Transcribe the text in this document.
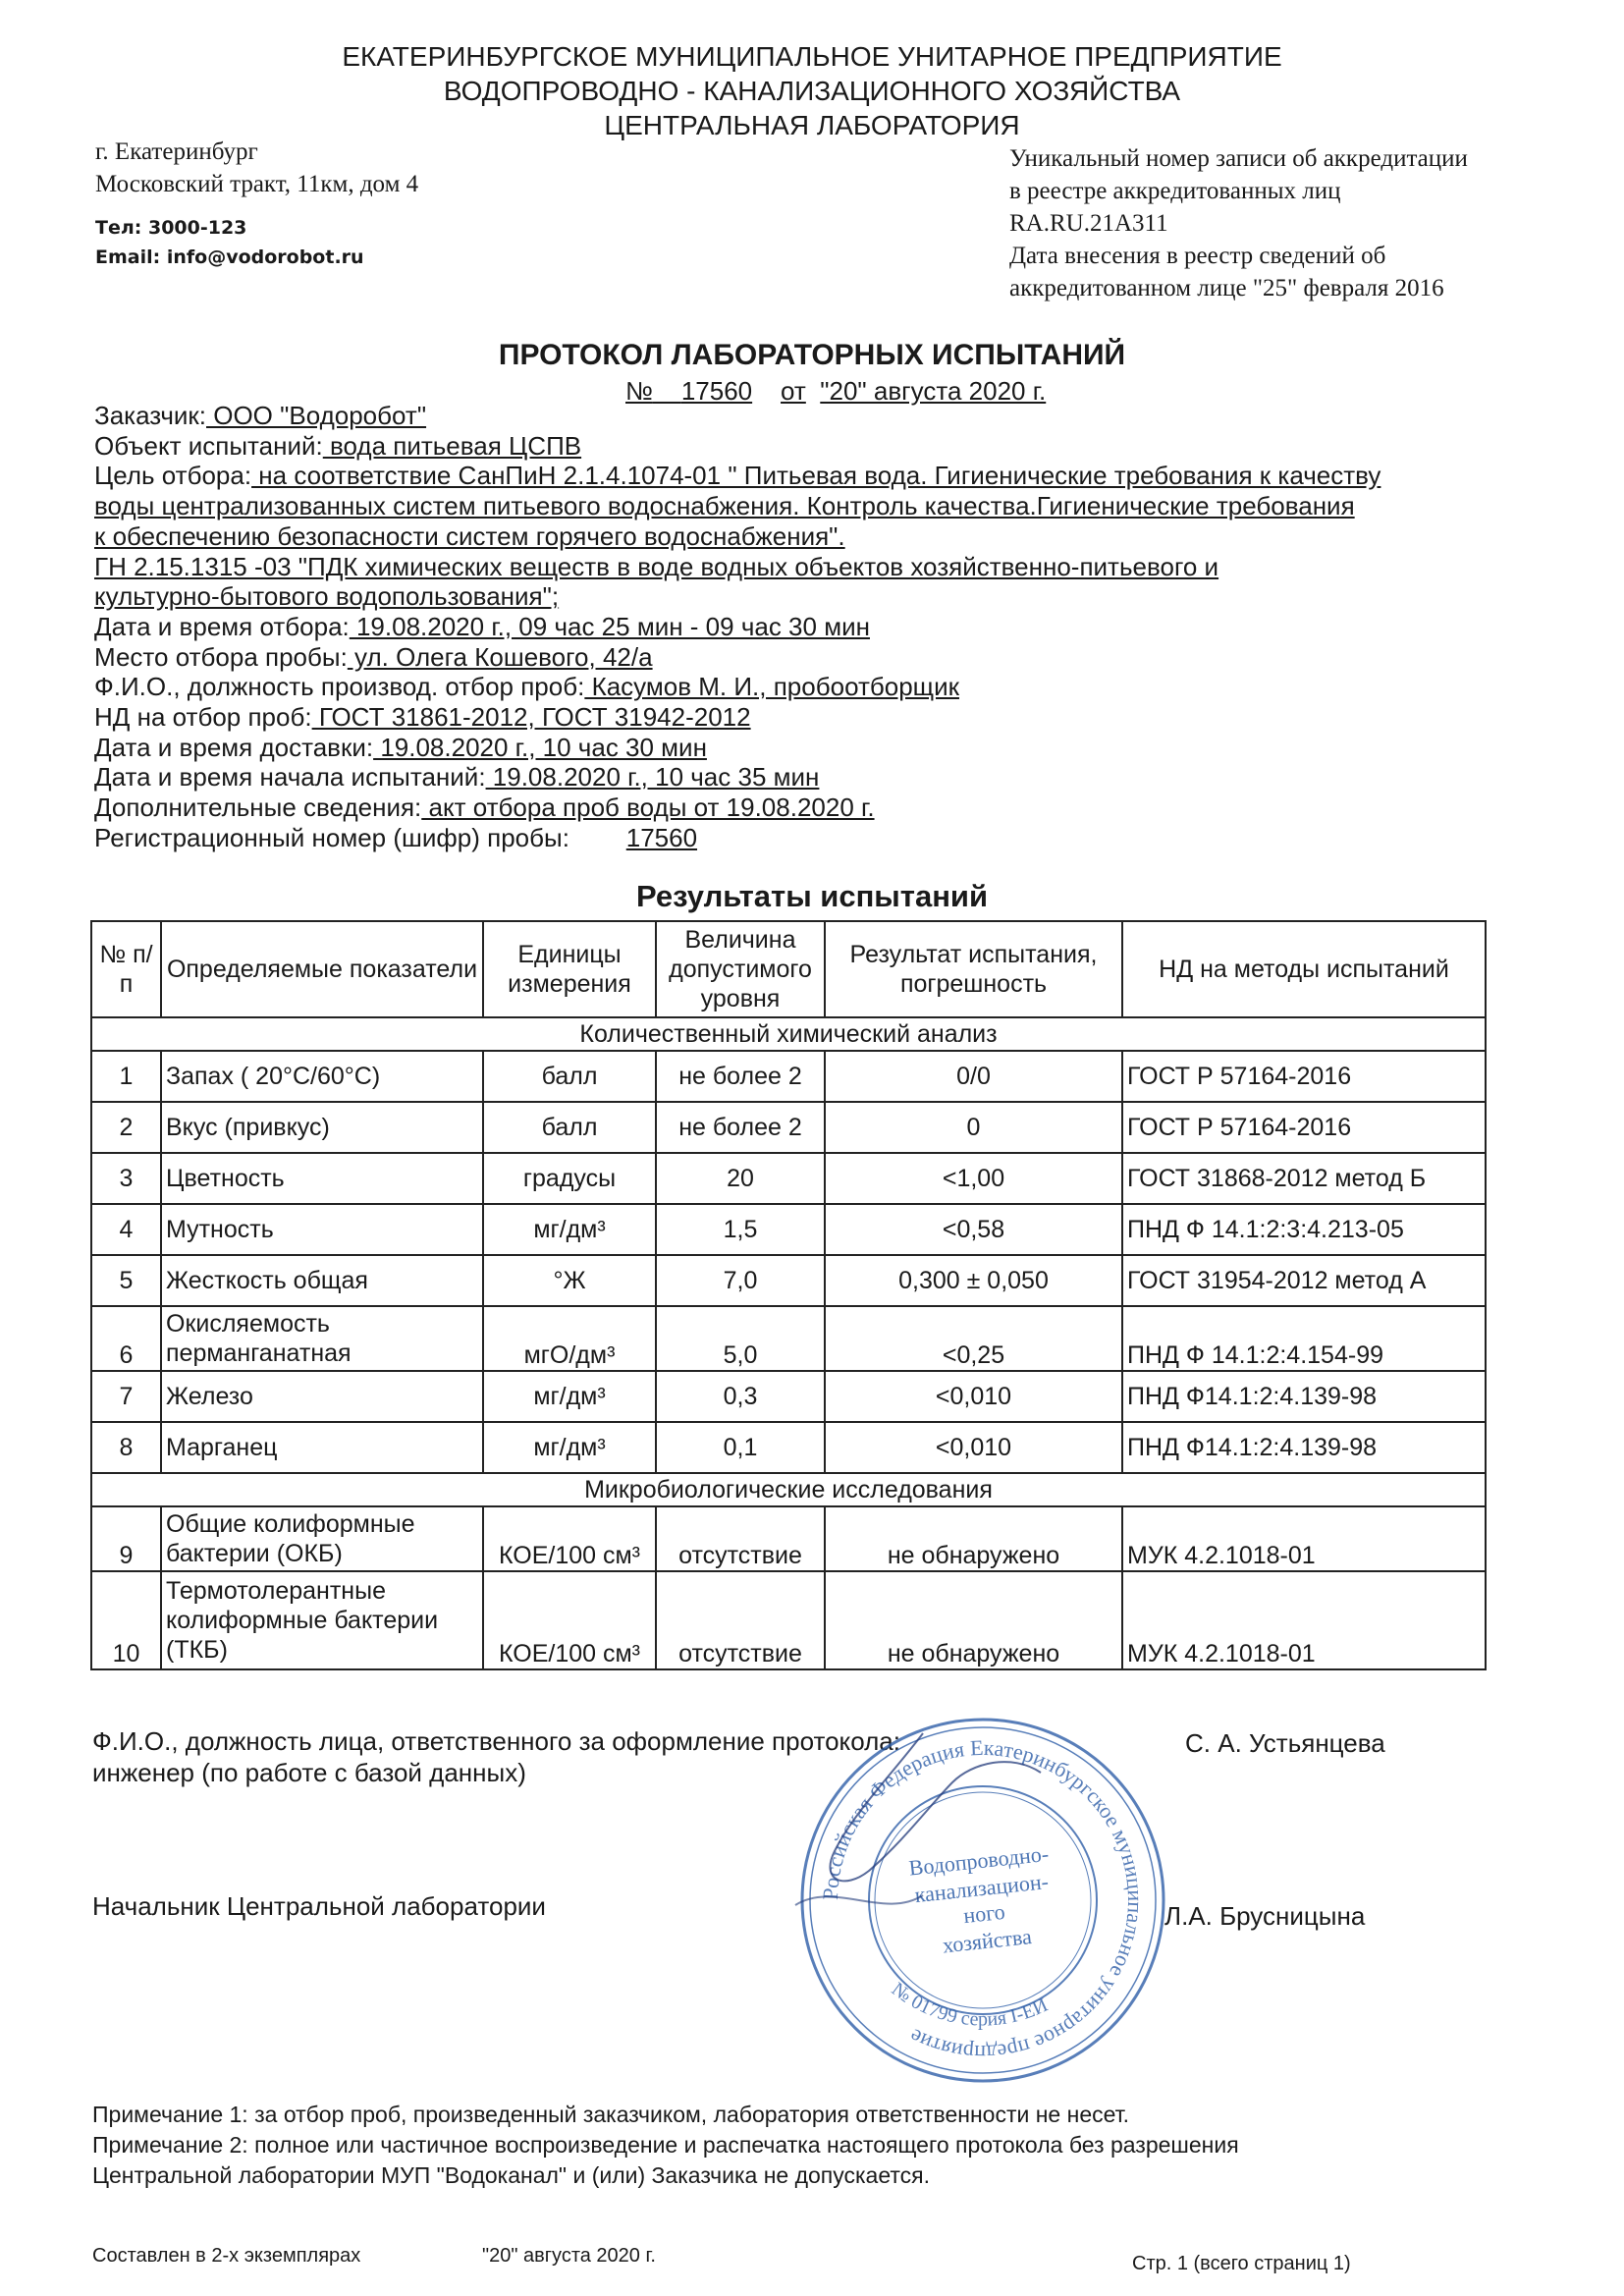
ЕКАТЕРИНБУРГСКОЕ МУНИЦИПАЛЬНОЕ УНИТАРНОЕ ПРЕДПРИЯТИЕ
ВОДОПРОВОДНО - КАНАЛИЗАЦИОННОГО ХОЗЯЙСТВА
ЦЕНТРАЛЬНАЯ ЛАБОРАТОРИЯ
г. Екатеринбург
Московский тракт, 11км, дом 4
Тел: 3000-123
Email: info@vodorobot.ru
Уникальный номер записи об аккредитации
в реестре аккредитованных лиц
RA.RU.21A311
Дата внесения в реестр сведений об
аккредитованном лице "25" февраля 2016
ПРОТОКОЛ ЛАБОРАТОРНЫХ ИСПЫТАНИЙ
№ 17560 от "20" августа 2020 г.
Заказчик: ООО "Водоробот"
Объект испытаний: вода питьевая ЦСПВ
Цель отбора: на соответствие СанПиН 2.1.4.1074-01 " Питьевая вода. Гигиенические требования к качеству
воды централизованных систем питьевого водоснабжения. Контроль качества.Гигиенические требования
к обеспечению безопасности систем горячего водоснабжения".
ГН 2.15.1315 -03 "ПДК химических веществ в воде водных объектов хозяйственно-питьевого и
культурно-бытового водопользования";
Дата и время отбора: 19.08.2020 г., 09 час 25 мин - 09 час 30 мин
Место отбора пробы: ул. Олега Кошевого, 42/а
Ф.И.О., должность производ. отбор проб: Касумов М. И., пробоотборщик
НД на отбор проб: ГОСТ 31861-2012, ГОСТ 31942-2012
Дата и время доставки: 19.08.2020 г., 10 час 30 мин
Дата и время начала испытаний: 19.08.2020 г., 10 час 35 мин
Дополнительные сведения: акт отбора проб воды от 19.08.2020 г.
Регистрационный номер (шифр) пробы: 17560
Результаты испытаний
№ п/п	Определяемые показатели	Единицы измерения	Величина допустимого уровня	Результат испытания, погрешность	НД на методы испытаний
Количественный химический анализ					
1	Запах ( 20°С/60°С)	балл	не более 2	0/0	ГОСТ Р 57164-2016
2	Вкус (привкус)	балл	не более 2	0	ГОСТ Р 57164-2016
3	Цветность	градусы	20	<1,00	ГОСТ 31868-2012 метод Б
4	Мутность	мг/дм³	1,5	<0,58	ПНД Ф 14.1:2:3:4.213-05
5	Жесткость общая	°Ж	7,0	0,300 ± 0,050	ГОСТ 31954-2012 метод А
6	Окисляемость перманганатная	мгО/дм³	5,0	<0,25	ПНД Ф 14.1:2:4.154-99
7	Железо	мг/дм³	0,3	<0,010	ПНД Ф14.1:2:4.139-98
8	Марганец	мг/дм³	0,1	<0,010	ПНД Ф14.1:2:4.139-98
Микробиологические исследования					
9	Общие колиформные бактерии (ОКБ)	КОЕ/100 см³	отсутствие	не обнаружено	МУК 4.2.1018-01
10	Термотолерантные колиформные бактерии (ТКБ)	КОЕ/100 см³	отсутствие	не обнаружено	МУК 4.2.1018-01
Ф.И.О., должность лица, ответственного за оформление протокола:
инженер (по работе с базой данных)
С. А. Устьянцева
Начальник Центральной лаборатории	Л.А. Брусницына
Российская Федерация Екатеринбургское муниципальное унитарное предприятие
№ 01799 серия I-ЕИ
Водопроводно-
канализацион-
ного
хозяйства
Примечание 1: за отбор проб, произведенный заказчиком, лаборатория ответственности не несет.
Примечание 2: полное или частичное воспроизведение и распечатка настоящего протокола без разрешения
Центральной лаборатории МУП "Водоканал" и (или) Заказчика не допускается.
Составлен в 2-х экземплярах	"20" августа 2020 г.	Стр. 1 (всего страниц 1)
